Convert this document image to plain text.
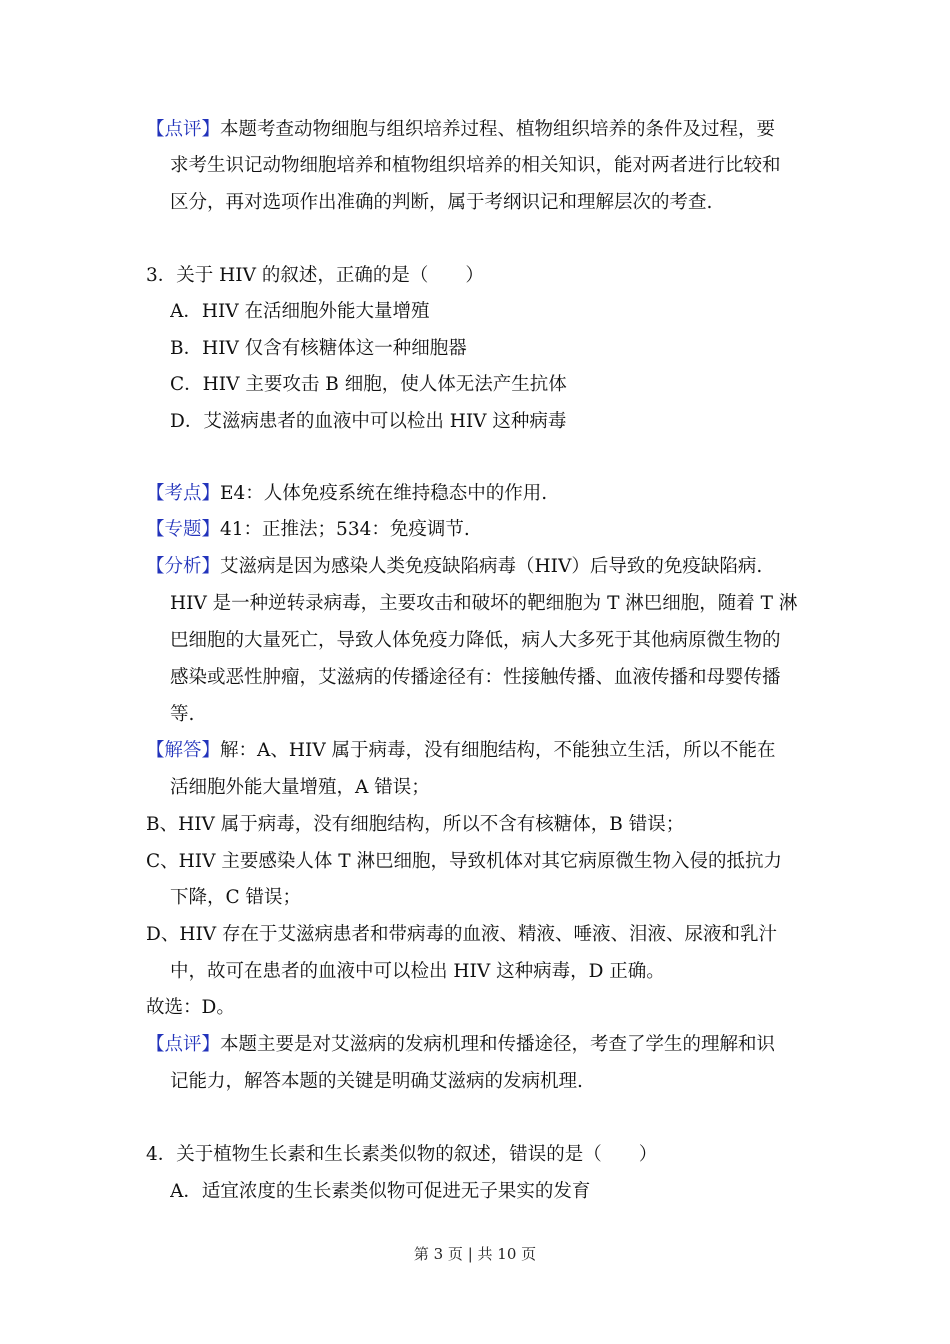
【点评】本题考查动物细胞与组织培养过程、植物组织培养的条件及过程，要
求考生识记动物细胞培养和植物组织培养的相关知识，能对两者进行比较和
区分，再对选项作出准确的判断，属于考纲识记和理解层次的考查.
3．关于 HIV 的叙述，正确的是（　　）
A．HIV 在活细胞外能大量增殖
B．HIV 仅含有核糖体这一种细胞器
C．HIV 主要攻击 B 细胞，使人体无法产生抗体
D．艾滋病患者的血液中可以检出 HIV 这种病毒
【考点】E4：人体免疫系统在维持稳态中的作用.
【专题】41：正推法；534：免疫调节.
【分析】艾滋病是因为感染人类免疫缺陷病毒（HIV）后导致的免疫缺陷病.
HIV 是一种逆转录病毒，主要攻击和破坏的靶细胞为 T 淋巴细胞，随着 T 淋
巴细胞的大量死亡，导致人体免疫力降低，病人大多死于其他病原微生物的
感染或恶性肿瘤，艾滋病的传播途径有：性接触传播、血液传播和母婴传播
等.
【解答】解：A、HIV 属于病毒，没有细胞结构，不能独立生活，所以不能在
活细胞外能大量增殖，A 错误；
B、HIV 属于病毒，没有细胞结构，所以不含有核糖体，B 错误；
C、HIV 主要感染人体 T 淋巴细胞，导致机体对其它病原微生物入侵的抵抗力
下降，C 错误；
D、HIV 存在于艾滋病患者和带病毒的血液、精液、唾液、泪液、尿液和乳汁
中，故可在患者的血液中可以检出 HIV 这种病毒，D 正确。
故选：D。
【点评】本题主要是对艾滋病的发病机理和传播途径，考查了学生的理解和识
记能力，解答本题的关键是明确艾滋病的发病机理.
4．关于植物生长素和生长素类似物的叙述，错误的是（　　）
A．适宜浓度的生长素类似物可促进无子果实的发育
第 3 页 | 共 10 页
